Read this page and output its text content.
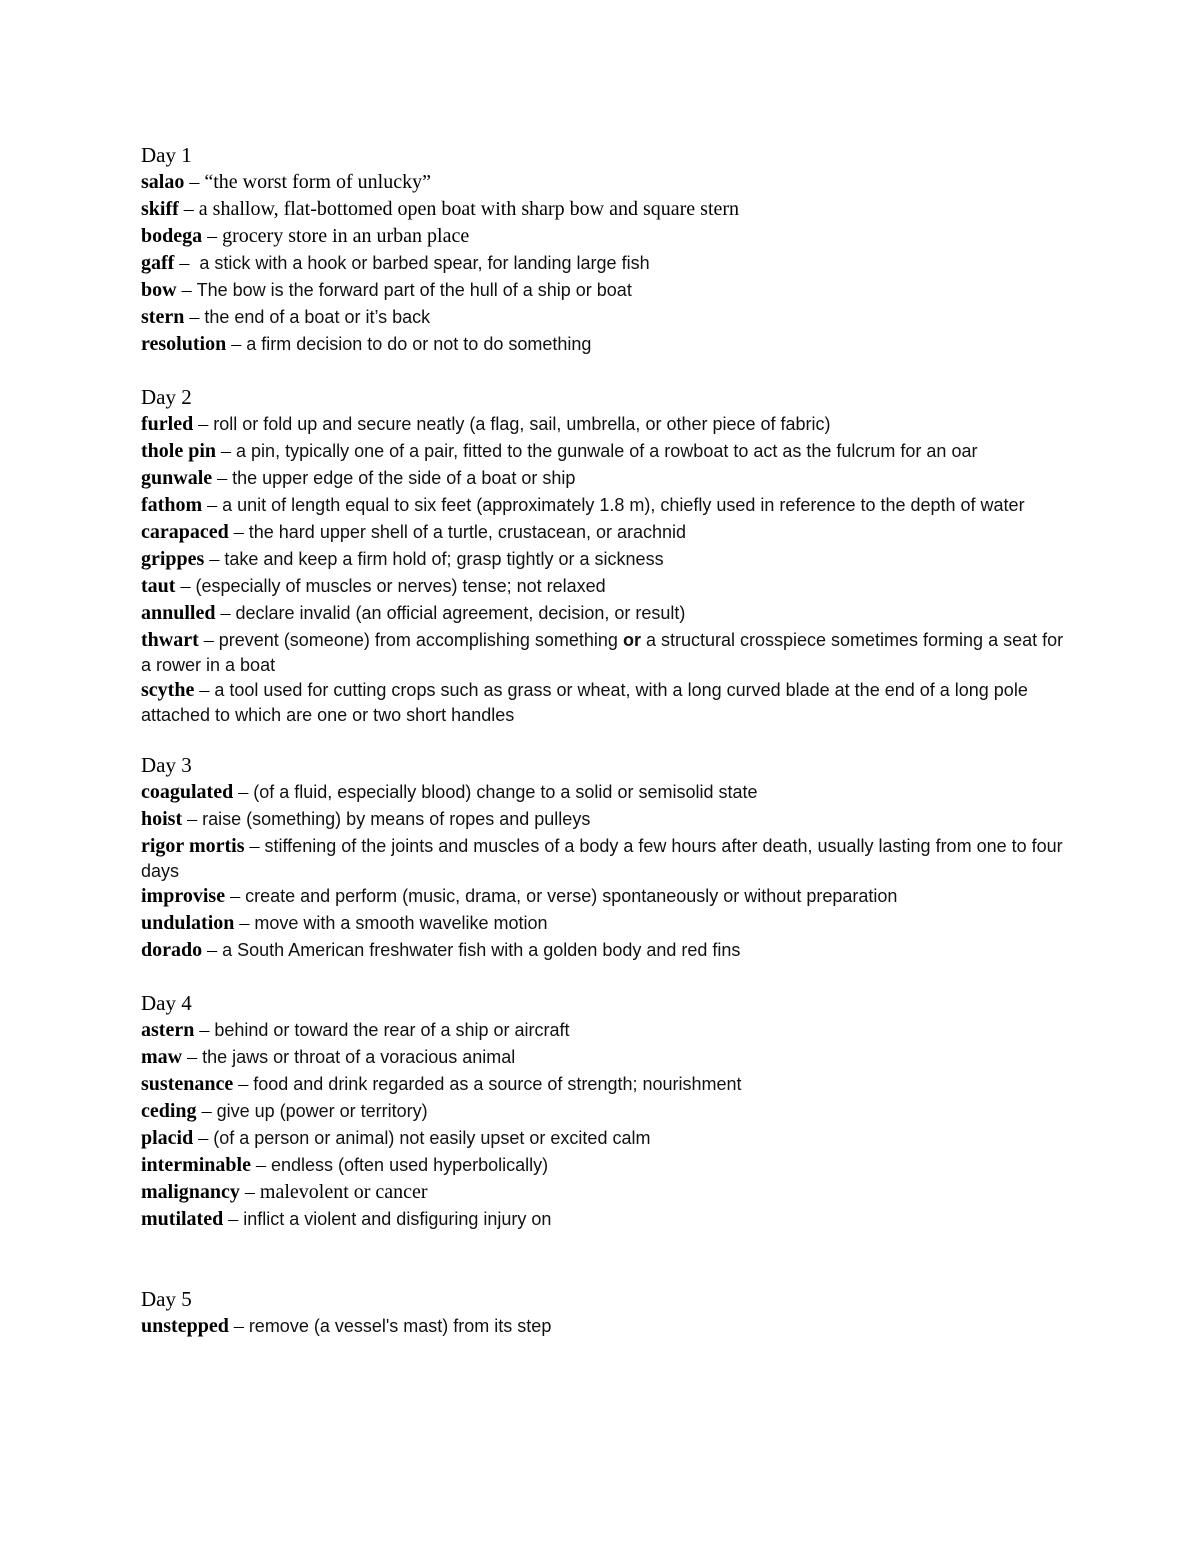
Day 1
salao – “the worst form of unlucky”
skiff – a shallow, flat-bottomed open boat with sharp bow and square stern
bodega – grocery store in an urban place
gaff –  a stick with a hook or barbed spear, for landing large fish
bow – The bow is the forward part of the hull of a ship or boat
stern – the end of a boat or it’s back
resolution – a firm decision to do or not to do something
Day 2
furled – roll or fold up and secure neatly (a flag, sail, umbrella, or other piece of fabric)
thole pin – a pin, typically one of a pair, fitted to the gunwale of a rowboat to act as the fulcrum for an oar
gunwale – the upper edge of the side of a boat or ship
fathom – a unit of length equal to six feet (approximately 1.8 m), chiefly used in reference to the depth of water
carapaced – the hard upper shell of a turtle, crustacean, or arachnid
grippes – take and keep a firm hold of; grasp tightly or a sickness
taut – (especially of muscles or nerves) tense; not relaxed
annulled – declare invalid (an official agreement, decision, or result)
thwart – prevent (someone) from accomplishing something or a structural crosspiece sometimes forming a seat for a rower in a boat
scythe – a tool used for cutting crops such as grass or wheat, with a long curved blade at the end of a long pole attached to which are one or two short handles
Day 3
coagulated – (of a fluid, especially blood) change to a solid or semisolid state
hoist – raise (something) by means of ropes and pulleys
rigor mortis – stiffening of the joints and muscles of a body a few hours after death, usually lasting from one to four days
improvise – create and perform (music, drama, or verse) spontaneously or without preparation
undulation – move with a smooth wavelike motion
dorado – a South American freshwater fish with a golden body and red fins
Day 4
astern – behind or toward the rear of a ship or aircraft
maw – the jaws or throat of a voracious animal
sustenance – food and drink regarded as a source of strength; nourishment
ceding – give up (power or territory)
placid – (of a person or animal) not easily upset or excited calm
interminable – endless (often used hyperbolically)
malignancy – malevolent or cancer
mutilated – inflict a violent and disfiguring injury on
Day 5
unstepped – remove (a vessel's mast) from its step
